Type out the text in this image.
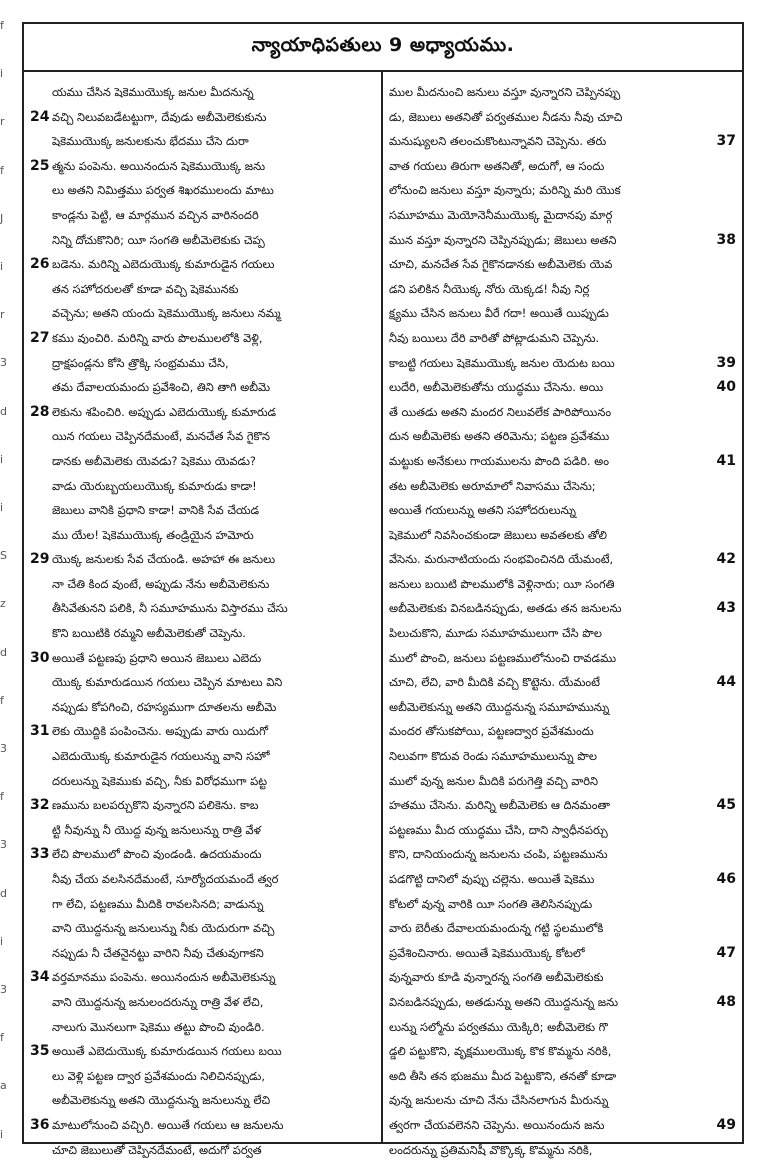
f
i
r
f
J
i
r
3
d
i
i
S
z
d
f
3
f
3
d
i
3
f
a
i
న్యాయాధిపతులు 9 అధ్యాయము.
యము చేసిన షెకెముయొక్క జనుల మీదనున్న
24 వచ్చి నిలువబడేటట్టుగా, దేవుడు అబీమెలెకుకును
షెకెముయొక్క జనులకును భేదము చేసె దురా
25 త్మను పంపెను. అయినందున షెకెముయొక్క జను
లు అతని నిమిత్తము పర్వత శిఖరములందు మాటు
కాండ్లను పెట్టి, ఆ మార్గమున వచ్చిన వారినందరి
నిన్ని దోచుకొనిరి; యీ సంగతి అబీమెలెకుకు చెప్ప
26 బడెను. మరిన్ని ఎబెదుయొక్క కుమారుడైన గయలు
తన సహోదరులతో కూడా వచ్చి షెకెమునకు
వచ్చెను; అతని యందు షెకెముయొక్క జనులు నమ్మ
27 కము వుంచిరి. మరిన్ని వారు పొలములలోకి వెళ్లి,
ద్రాక్షపండ్లను కోసి త్రొక్కి సంభ్రమము చేసి,
తమ దేవాలయమందు ప్రవేశించి, తిని తాగి అబీమె
28 లెకును శపించిరి. అప్పుడు ఎబెదుయొక్క కుమారుడ
యిన గయలు చెప్పినదేమంటే, మనచేత సేవ గైకొన
డానకు అబీమెలెకు యెవడు? షెకెము యెవడు?
వాడు యెరుబ్బయలుయొక్క కుమారుడు కాడా!
జెబులు వానికి ప్రధాని కాడా! వానికి సేవ చేయడ
ము యేల! షెకెముయొక్క తండ్రియైన హమోరు
29 యొక్క జనులకు సేవ చేయండి. అహహా ఈ జనులు
నా చేతి కింద వుంటే, అప్పుడు నేను అబీమెలెకును
తీసివేతునని పలికి, నీ సమూహమును విస్తారము చేసు
కొని బయిటికి రమ్మని అబీమెలెకుతో చెప్పెను.
30 అయితే పట్టణపు ప్రధాని అయిన జెబులు ఎబెదు
యొక్క కుమారుడయిన గయలు చెప్పిన మాటలు విని
నప్పుడు కోపగించి, రహస్యముగా దూతలను అబీమె
31 లెకు యొద్దికి పంపించెను. అప్పుడు వారు యిదుగో
ఎబెదుయొక్క కుమారుడైన గయలున్ను వాని సహో
దరులున్ను షెకెముకు వచ్చి, నీకు విరోధముగా పట్ట
32 ణమును బలపర్చుకొని వున్నారని పలికెను. కాబ
ట్టి నీవున్ను నీ యొద్ద వున్న జనులున్ను రాత్రి వేళ
33 లేచి పొలములో పొంచి వుండండి. ఉదయమందు
నీవు చేయ వలసినదేమంటే, సూర్యోదయమందే త్వర
గా లేచి, పట్టణము మీదికి రావలసినది; వాడున్ను
వాని యొద్దనున్న జనులున్ను నీకు యెదురుగా వచ్చి
నప్పుడు నీ చేతనైనట్టు వారిని నీవు చేతువుగాకని
34 వర్తమానము పంపెను. అయినందున అబీమెలెకున్ను
వాని యొద్దనున్న జనులందరున్ను రాత్రి వేళ లేచి,
నాలుగు మొనలుగా షెకెము తట్టు పొంచి వుండిరి.
35 అయితే ఎబెదుయొక్క కుమారుడయిన గయలు బయి
లు వెళ్లి పట్టణ ద్వార ప్రవేశమందు నిలిచినప్పుడు,
అబీమెలెకున్ను అతని యొద్దనున్న జనులున్ను లేచి
36 మాటులోనుంచి వచ్చిరి. అయితే గయలు ఆ జనులను
చూచి జెబులుతో చెప్పినదేమంటే, అదుగో పర్వత
ముల మీదనుంచి జనులు వస్తూ వున్నారని చెప్పినప్పు
డు, జెబులు అతనితో పర్వతముల నీడను నీవు చూచి
37
మనుష్యులని తలంచుకొంటున్నావని చెప్పెను. తరు
వాత గయలు తిరుగా అతనితో, అదుగో, ఆ సందు
లోనుంచి జనులు వస్తూ వున్నారు; మరిన్ని మరి యొక
సమూహము మెయోనెనీముయొక్క మైదానపు మార్గ
38
మున వస్తూ వున్నారని చెప్పినప్పుడు; జెబులు అతని
చూచి, మనచేత సేవ గైకొనడానకు అబీమెలెకు యెవ
డని పలికిన నీయొక్క నోరు యెక్కడ! నీవు నిర్ల
క్ష్యము చేసిన జనులు వీరే గదా! అయితే యిప్పుడు
నీవు బయిలు దేరి వారితో పోట్లాడుమని చెప్పెను.
39
కాబట్టి గయలు షెకెముయొక్క జనుల యెదుట బయి
40
లుదేరి, అబీమెలెకుతోను యుద్ధము చేసెను. అయి
తే యితడు అతని మందర నిలువలేక పారిపోయినం
దున అబీమెలెకు అతని తరిమెను; పట్టణ ప్రవేశము
41
మట్టుకు అనేకులు గాయములను పొంది పడిరి. అం
తట అబీమెలెకు అరూమాలో నివాసము చేసెను;
అయితే గయలున్ను అతని సహోదరులున్ను
షెకెములో నివసించకుండా జెబులు అవతలకు తోలి
42
వేసెను. మరునాటియందు సంభవించినది యేమంటే,
జనులు బయిటి పొలములోకి వెళ్లినారు; యీ సంగతి
43
అబీమెలెకుకు వినబడినప్పుడు, అతడు తన జనులను
పిలుచుకొని, మూడు సమూహములుగా చేసి పొల
ములో పొంచి, జనులు పట్టణములోనుంచి రావడము
44
చూచి, లేచి, వారి మీదికి వచ్చి కొట్టెను. యేమంటే
అబీమెలెకున్ను అతని యొద్దనున్న సమూహమున్ను
మందర తోసుకపోయి, పట్టణద్వార ప్రవేశమందు
నిలువగా కొదువ రెండు సమూహములున్ను పొల
ములో వున్న జనుల మీదికి పరుగెత్తి వచ్చి వారిని
45
హతము చేసెను. మరిన్ని అబీమెలెకు ఆ దినమంతా
పట్టణము మీద యుద్ధము చేసి, దాని స్వాధీనపర్చు
కొని, దానియందున్న జనులను చంపి, పట్టణమును
46
పడగొట్టి దానిలో వుప్పు చల్లెను. అయితే షెకెము
కోటలో వున్న వారికి యీ సంగతి తెలిసినప్పుడు
వారు బెరీతు దేవాలయమందున్న గట్టి స్థలములోకి
47
ప్రవేశించినారు. అయితే షెకెముయొక్క కోటలో
వున్నవారు కూడి వున్నారన్న సంగతి అబీమెలెకుకు
48
వినబడినప్పుడు, అతడున్ను అతని యొద్దనున్న జను
లున్ను సల్మోను పర్వతము యెక్కిరి; అబీమెలెకు గొ
డ్డలి పట్టుకొని, వృక్షములయొక్క కొక కొమ్మను నరికి,
అది తీసి తన భుజము మీద పెట్టుకొని, తనతో కూడా
వున్న జనులను చూచి నేను చేసినలాగున మీరున్ను
49
త్వరగా చేయవలెనని చెప్పెను. అయినందున జను
లందరున్ను ప్రతిమనిషీ వొక్కొక్క కొమ్మను నరికి,
